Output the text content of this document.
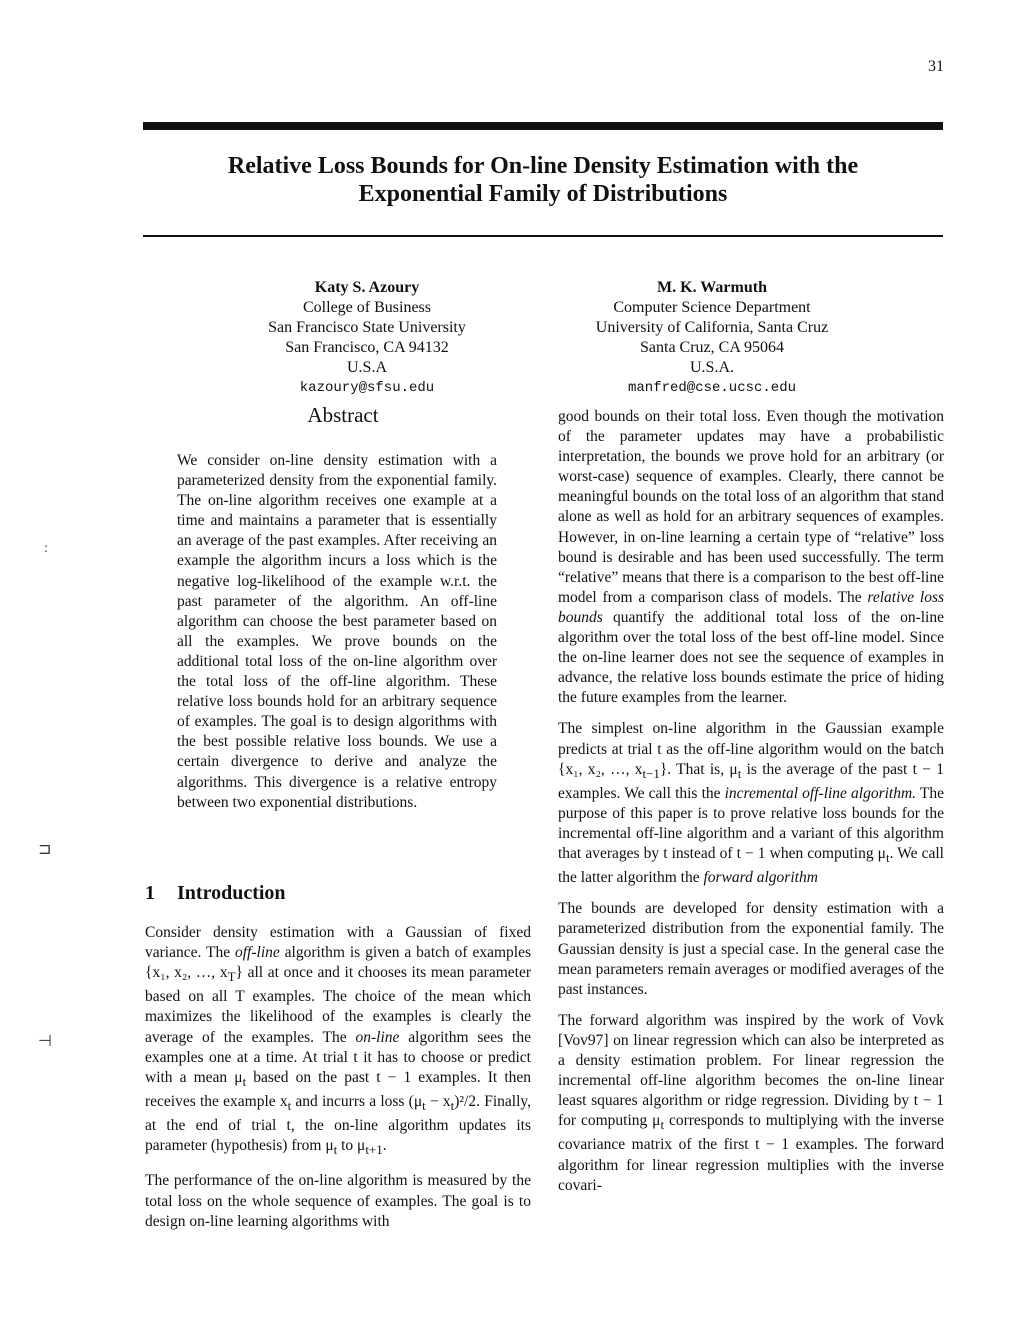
31
Relative Loss Bounds for On-line Density Estimation with the
Exponential Family of Distributions
Katy S. Azoury
College of Business
San Francisco State University
San Francisco, CA 94132
U.S.A
kazoury@sfsu.edu
M. K. Warmuth
Computer Science Department
University of California, Santa Cruz
Santa Cruz, CA 95064
U.S.A.
manfred@cse.ucsc.edu
Abstract

We consider on-line density estimation with a parameterized density from the exponential family. The on-line algorithm receives one example at a time and maintains a parameter that is essentially an average of the past examples. After receiving an example the algorithm incurs a loss which is the negative log-likelihood of the example w.r.t. the past parameter of the algorithm. An off-line algorithm can choose the best parameter based on all the examples. We prove bounds on the additional total loss of the on-line algorithm over the total loss of the off-line algorithm. These relative loss bounds hold for an arbitrary sequence of examples. The goal is to design algorithms with the best possible relative loss bounds. We use a certain divergence to derive and analyze the algorithms. This divergence is a relative entropy between two exponential distributions.

1 Introduction

Consider density estimation with a Gaussian of fixed variance. The off-line algorithm is given a batch of examples {x₁, x₂, …, $x_T$} all at once and it chooses its mean parameter based on all T examples. The choice of the mean which maximizes the likelihood of the examples is clearly the average of the examples. The on-line algorithm sees the examples one at a time. At trial t it has to choose or predict with a mean $\mu_t$ based on the past t − 1 examples. It then receives the example $x_t$ and incurrs a loss $(\mu_t - x_t)^2/2$. Finally, at the end of trial t, the on-line algorithm updates its parameter (hypothesis) from $\mu_t$ to $\mu_{t+1}$.

The performance of the on-line algorithm is measured by the total loss on the whole sequence of examples. The goal is to design on-line learning algorithms with

good bounds on their total loss. Even though the motivation of the parameter updates may have a probabilistic interpretation, the bounds we prove hold for an arbitrary (or worst-case) sequence of examples. Clearly, there cannot be meaningful bounds on the total loss of an algorithm that stand alone as well as hold for an arbitrary sequences of examples. However, in on-line learning a certain type of “relative” loss bound is desirable and has been used successfully. The term “relative” means that there is a comparison to the best off-line model from a comparison class of models. The relative loss bounds quantify the additional total loss of the on-line algorithm over the total loss of the best off-line model. Since the on-line learner does not see the sequence of examples in advance, the relative loss bounds estimate the price of hiding the future examples from the learner.

The simplest on-line algorithm in the Gaussian example predicts at trial t as the off-line algorithm would on the batch {x₁, x₂, …, $x_{t-1}$}. That is, $\mu_t$ is the average of the past t − 1 examples. We call this the incremental off-line algorithm. The purpose of this paper is to prove relative loss bounds for the incremental off-line algorithm and a variant of this algorithm that averages by t instead of t − 1 when computing $\mu_t$. We call the latter algorithm the forward algorithm

The bounds are developed for density estimation with a parameterized distribution from the exponential family. The Gaussian density is just a special case. In the general case the mean parameters remain averages or modified averages of the past instances.

The forward algorithm was inspired by the work of Vovk [Vov97] on linear regression which can also be interpreted as a density estimation problem. For linear regression the incremental off-line algorithm becomes the on-line linear least squares algorithm or ridge regression. Dividing by t − 1 for computing $\mu_t$ corresponds to multiplying with the inverse covariance matrix of the first t − 1 examples. The forward algorithm for linear regression multiplies with the inverse covari-

:
⊐
⊣
